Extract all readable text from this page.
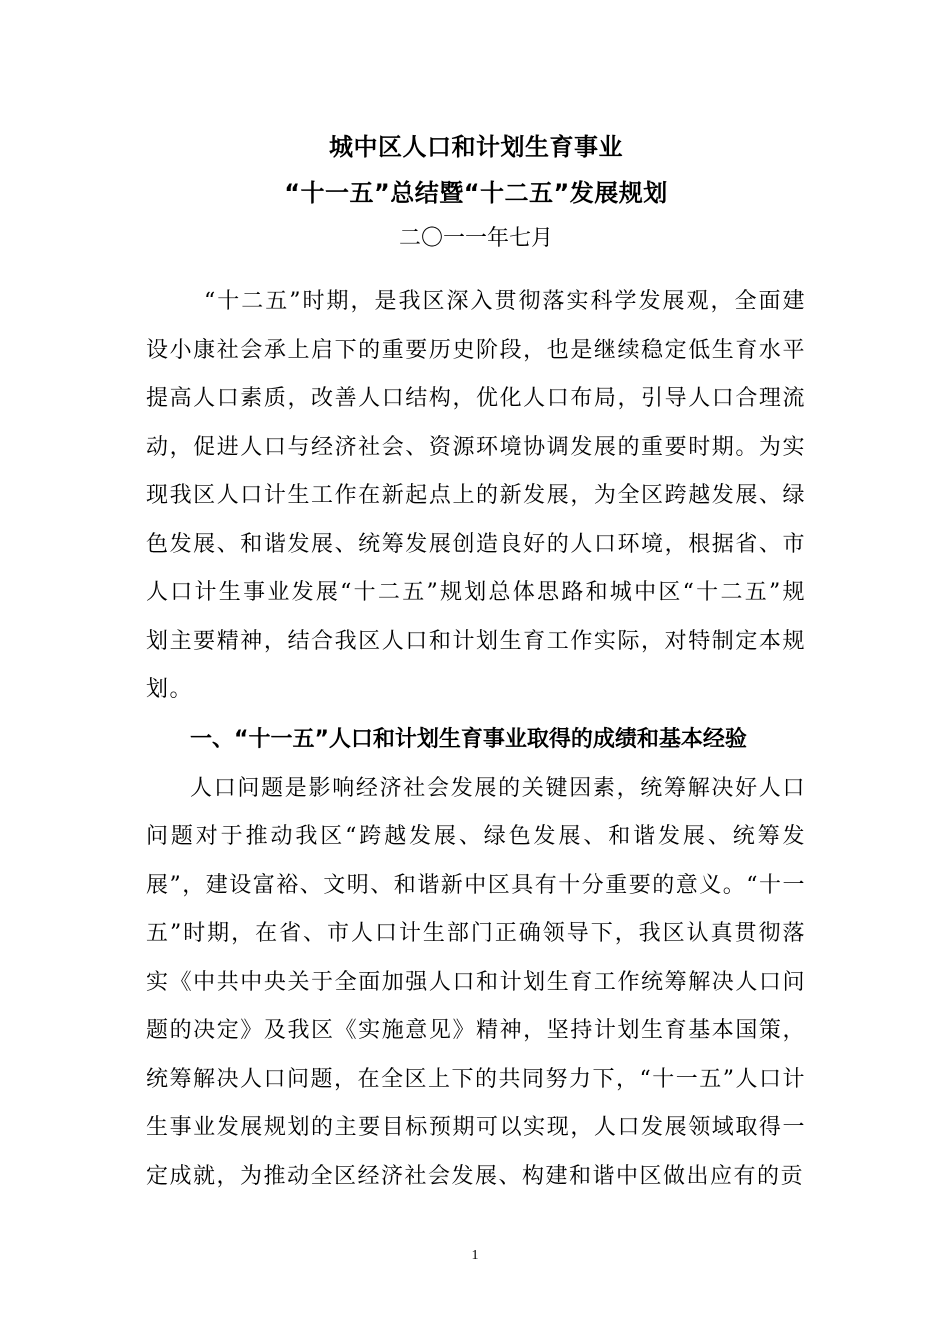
城中区人口和计划生育事业
“十一五”总结暨“十二五”发展规划

二〇一一年七月

“十二五”时期，是我区深入贯彻落实科学发展观，全面建设小康社会承上启下的重要历史阶段，也是继续稳定低生育水平提高人口素质，改善人口结构，优化人口布局，引导人口合理流动，促进人口与经济社会、资源环境协调发展的重要时期。为实现我区人口计生工作在新起点上的新发展，为全区跨越发展、绿色发展、和谐发展、统筹发展创造良好的人口环境，根据省、市人口计生事业发展“十二五”规划总体思路和城中区“十二五”规划主要精神，结合我区人口和计划生育工作实际，对特制定本规划。

一、“十一五”人口和计划生育事业取得的成绩和基本经验

人口问题是影响经济社会发展的关键因素，统筹解决好人口问题对于推动我区“跨越发展、绿色发展、和谐发展、统筹发展”，建设富裕、文明、和谐新中区具有十分重要的意义。“十一五”时期，在省、市人口计生部门正确领导下，我区认真贯彻落实《中共中央关于全面加强人口和计划生育工作统筹解决人口问题的决定》及我区《实施意见》精神，坚持计划生育基本国策，统筹解决人口问题，在全区上下的共同努力下，“十一五”人口计生事业发展规划的主要目标预期可以实现，人口发展领域取得一定成就，为推动全区经济社会发展、构建和谐中区做出应有的贡

1
